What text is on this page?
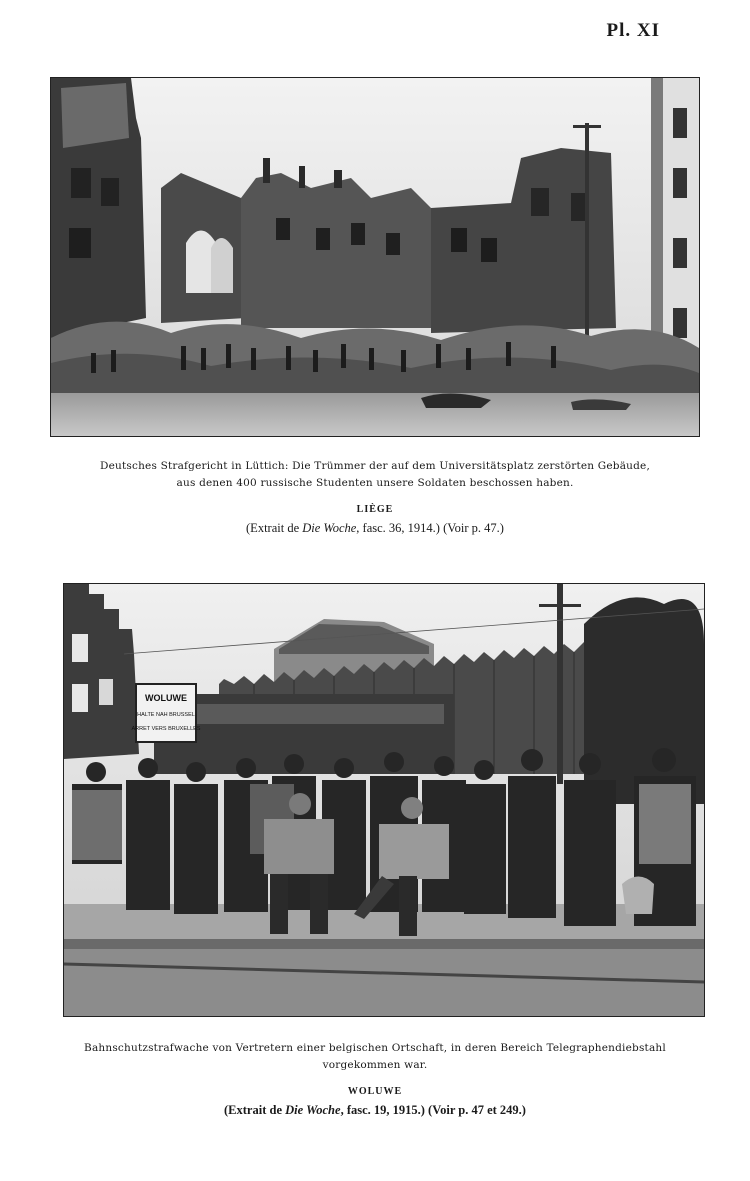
Pl. XI
Deutsches Strafgericht in Lüttich: Die Trümmer der auf dem Universitätsplatz zerstörten Gebäude,
aus denen 400 russische Studenten unsere Soldaten beschossen haben.
LIÈGE
(Extrait de Die Woche, fasc. 36, 1914.) (Voir p. 47.)
WOLUWE
HALTE NAH BRUSSEL
ARRET VERS BRUXELLES
Bahnschutzstrafwache von Vertretern einer belgischen Ortschaft, in deren Bereich Telegraphendiebstahl
vorgekommen war.
WOLUWE
(Extrait de Die Woche, fasc. 19, 1915.) (Voir p. 47 et 249.)
